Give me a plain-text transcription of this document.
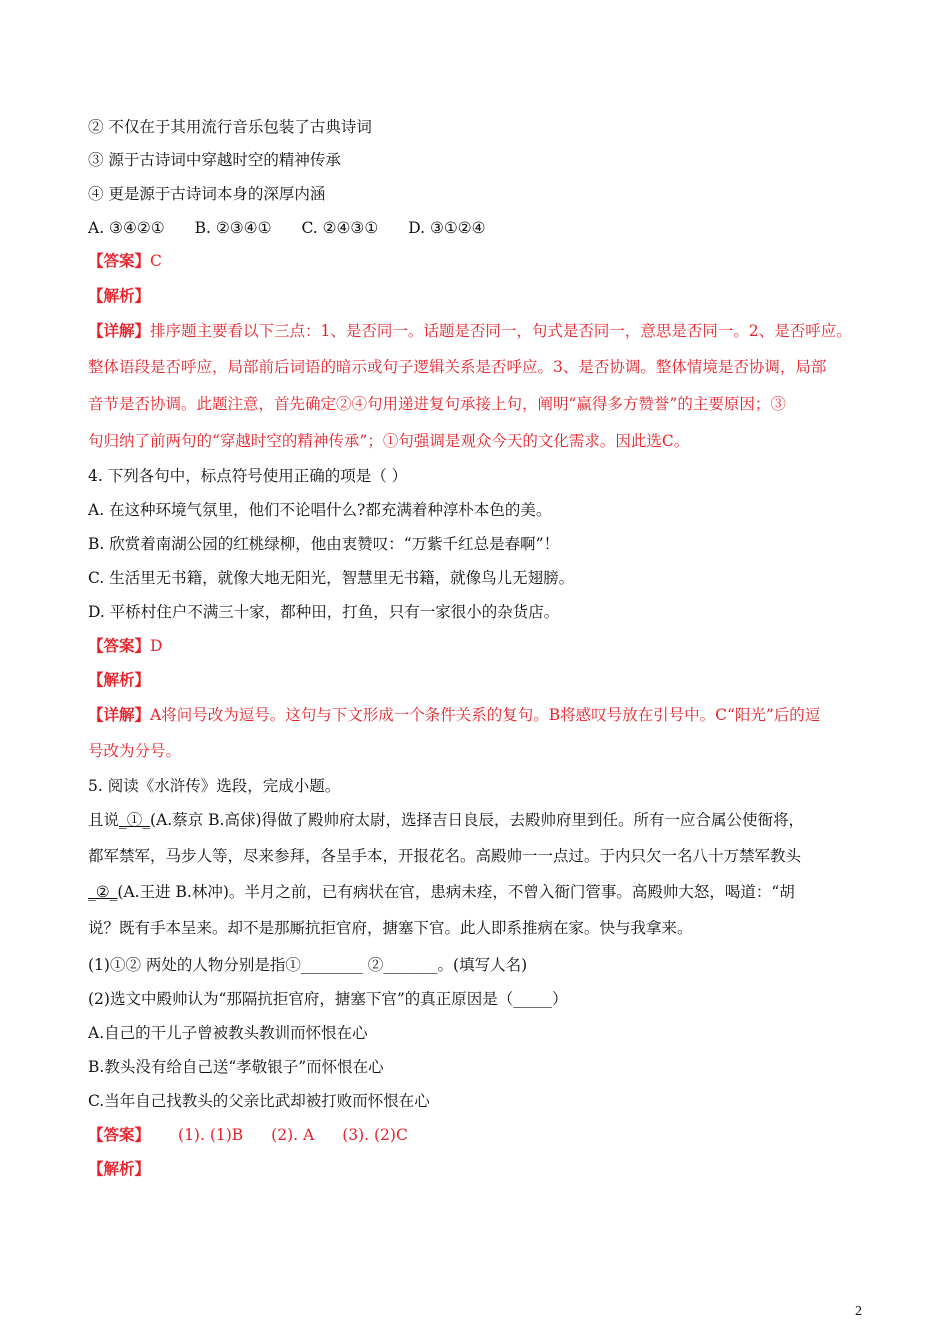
② 不仅在于其用流行音乐包装了古典诗词
③ 源于古诗词中穿越时空的精神传承
④ 更是源于古诗词本身的深厚内涵
A. ③④②① B. ②③④① C. ②④③① D. ③①②④
【答案】C
【解析】
【详解】排序题主要看以下三点：1、是否同一。话题是否同一，句式是否同一，意思是否同一。2、是否呼应。
整体语段是否呼应，局部前后词语的暗示或句子逻辑关系是否呼应。3、是否协调。整体情境是否协调，局部
音节是否协调。此题注意，首先确定②④句用递进复句承接上句，阐明“赢得多方赞誉”的主要原因；③
句归纳了前两句的“穿越时空的精神传承”；①句强调是观众今天的文化需求。因此选C。
4. 下列各句中，标点符号使用正确的项是（ ）
A. 在这种环境气氛里，他们不论唱什么?都充满着种淳朴本色的美。
B. 欣赏着南湖公园的红桃绿柳，他由衷赞叹：“万紫千红总是春啊”！
C. 生活里无书籍，就像大地无阳光，智慧里无书籍，就像鸟儿无翅膀。
D. 平桥村住户不满三十家，都种田，打鱼，只有一家很小的杂货店。
【答案】D
【解析】
【详解】A将问号改为逗号。这句与下文形成一个条件关系的复句。B将感叹号放在引号中。C“阳光”后的逗
号改为分号。
5. 阅读《水浒传》选段，完成小题。
且说_①_(A.蔡京 B.高俅)得做了殿帅府太尉，选择吉日良辰，去殿帅府里到任。所有一应合属公使衙将，
都军禁军，马步人等，尽来参拜，各呈手本，开报花名。高殿帅一一点过。于内只欠一名八十万禁军教头
_②_(A.王进 B.林冲)。半月之前，已有病状在官，患病未痊，不曾入衙门管事。高殿帅大怒，喝道：“胡
说？既有手本呈来。却不是那厮抗拒官府，搪塞下官。此人即系推病在家。快与我拿来。
(1)①② 两处的人物分别是指①________ ②_______。(填写人名)
(2)选文中殿帅认为“那隔抗拒官府，搪塞下官”的真正原因是（_____）
A.自己的干儿子曾被教头教训而怀恨在心
B.教头没有给自己送“孝敬银子”而怀恨在心
C.当年自己找教头的父亲比武却被打败而怀恨在心
【答案】 (1). (1)B (2). A (3). (2)C
【解析】
2
